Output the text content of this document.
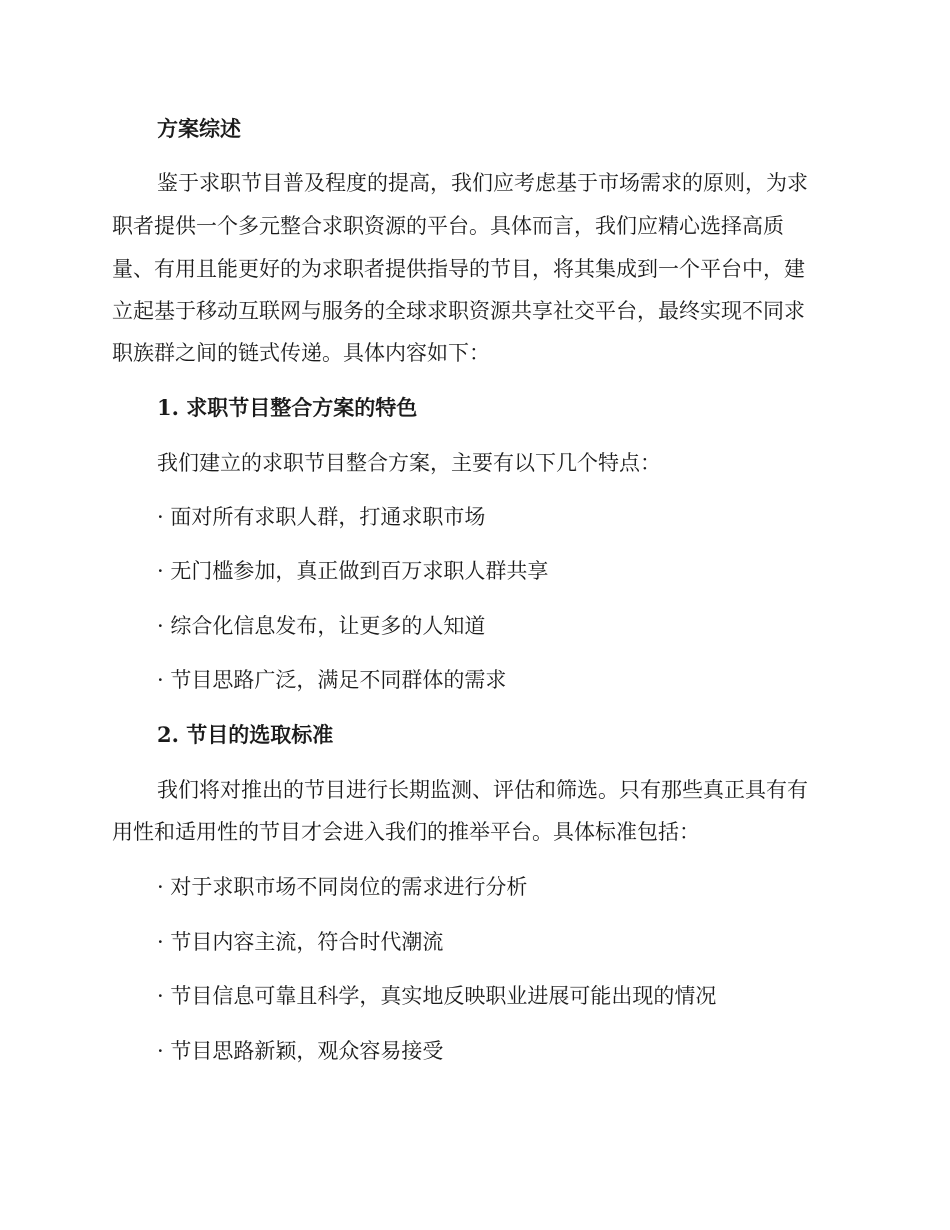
方案综述
鉴于求职节目普及程度的提高，我们应考虑基于市场需求的原则，为求
职者提供一个多元整合求职资源的平台。具体而言，我们应精心选择高质
量、有用且能更好的为求职者提供指导的节目，将其集成到一个平台中，建
立起基于移动互联网与服务的全球求职资源共享社交平台，最终实现不同求
职族群之间的链式传递。具体内容如下：
1. 求职节目整合方案的特色
我们建立的求职节目整合方案，主要有以下几个特点：
· 面对所有求职人群，打通求职市场
· 无门槛参加，真正做到百万求职人群共享
· 综合化信息发布，让更多的人知道
· 节目思路广泛，满足不同群体的需求
2. 节目的选取标准
我们将对推出的节目进行长期监测、评估和筛选。只有那些真正具有有
用性和适用性的节目才会进入我们的推举平台。具体标准包括：
· 对于求职市场不同岗位的需求进行分析
· 节目内容主流，符合时代潮流
· 节目信息可靠且科学，真实地反映职业进展可能出现的情况
· 节目思路新颖，观众容易接受
